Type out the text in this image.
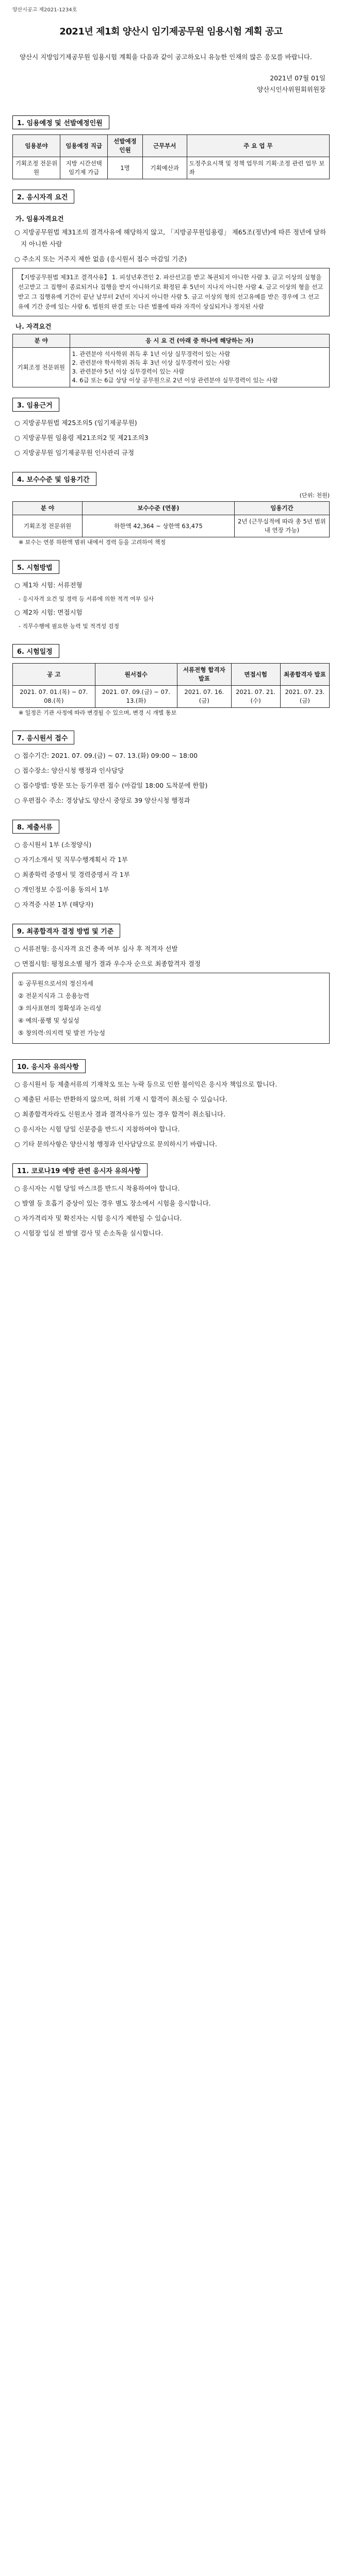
양산시공고 제2021-1234호
2021년 제1회 양산시 임기제공무원 임용시험 계획 공고

양산시 지방임기제공무원 임용시험 계획을 다음과 같이 공고하오니 유능한 인재의 많은 응모를 바랍니다.

2021년 07월 01일
양산시인사위원회위원장
1. 임용예정 및 선발예정인원
임용분야	임용예정 직급	선발예정 인원	근무부서	주 요 업 무
기획조정 전문위원	지방 시간선택 임기제 가급	1명	기획예산과	도정주요시책 및 정책 업무의 기획·조정 관련 업무 보좌
2. 응시자격 요건
가. 임용자격요건

○ 지방공무원법 제31조의 결격사유에 해당하지 않고, 「지방공무원임용령」 제65조(정년)에 따른 정년에 달하지 아니한 사람

○ 주소지 또는 거주지 제한 없음 (응시원서 접수 마감일 기준)

【지방공무원법 제31조 결격사유】 1. 피성년후견인 2. 파산선고를 받고 복권되지 아니한 사람 3. 금고 이상의 실형을 선고받고 그 집행이 종료되거나 집행을 받지 아니하기로 확정된 후 5년이 지나지 아니한 사람 4. 금고 이상의 형을 선고받고 그 집행유예 기간이 끝난 날부터 2년이 지나지 아니한 사람 5. 금고 이상의 형의 선고유예를 받은 경우에 그 선고유예 기간 중에 있는 사람 6. 법원의 판결 또는 다른 법률에 따라 자격이 상실되거나 정지된 사람
나. 자격요건
분 야	응 시 요 건 (아래 중 하나에 해당하는 자)
기획조정 전문위원	1. 관련분야 석사학위 취득 후 1년 이상 실무경력이 있는 사람
2. 관련분야 학사학위 취득 후 3년 이상 실무경력이 있는 사람
3. 관련분야 5년 이상 실무경력이 있는 사람
4. 6급 또는 6급 상당 이상 공무원으로 2년 이상 관련분야 실무경력이 있는 사람
3. 임용근거

○ 지방공무원법 제25조의5 (임기제공무원)

○ 지방공무원 임용령 제21조의2 및 제21조의3

○ 지방공무원 임기제공무원 인사관리 규정

4. 보수수준 및 임용기간
(단위: 천원)
분 야	보수수준 (연봉)	임용기간
기획조정 전문위원	하한액 42,364 ~ 상한액 63,475	2년 (근무실적에 따라 총 5년 범위 내 연장 가능)

※ 보수는 연봉 하한액 범위 내에서 경력 등을 고려하여 책정

5. 시험방법

○ 제1차 시험: 서류전형

- 응시자격 요건 및 경력 등 서류에 의한 적격 여부 심사

○ 제2차 시험: 면접시험

- 직무수행에 필요한 능력 및 적격성 검정

6. 시험일정
공 고	원서접수	서류전형 합격자 발표	면접시험	최종합격자 발표
2021. 07. 01.(목) ~ 07. 08.(목)	2021. 07. 09.(금) ~ 07. 13.(화)	2021. 07. 16.(금)	2021. 07. 21.(수)	2021. 07. 23.(금)

※ 일정은 기관 사정에 따라 변경될 수 있으며, 변경 시 개별 통보

7. 응시원서 접수

○ 접수기간: 2021. 07. 09.(금) ~ 07. 13.(화) 09:00 ~ 18:00

○ 접수장소: 양산시청 행정과 인사담당

○ 접수방법: 방문 또는 등기우편 접수 (마감일 18:00 도착분에 한함)

○ 우편접수 주소: 경상남도 양산시 중앙로 39 양산시청 행정과

8. 제출서류

○ 응시원서 1부 (소정양식)

○ 자기소개서 및 직무수행계획서 각 1부

○ 최종학력 증명서 및 경력증명서 각 1부

○ 개인정보 수집·이용 동의서 1부

○ 자격증 사본 1부 (해당자)

9. 최종합격자 결정 방법 및 기준

○ 서류전형: 응시자격 요건 충족 여부 심사 후 적격자 선발

○ 면접시험: 평정요소별 평가 결과 우수자 순으로 최종합격자 결정

① 공무원으로서의 정신자세
② 전문지식과 그 응용능력
③ 의사표현의 정확성과 논리성
④ 예의·품행 및 성실성
⑤ 창의력·의지력 및 발전 가능성
10. 응시자 유의사항

○ 응시원서 등 제출서류의 기재착오 또는 누락 등으로 인한 불이익은 응시자 책임으로 합니다.

○ 제출된 서류는 반환하지 않으며, 허위 기재 시 합격이 취소될 수 있습니다.

○ 최종합격자라도 신원조사 결과 결격사유가 있는 경우 합격이 취소됩니다.

○ 응시자는 시험 당일 신분증을 반드시 지참하여야 합니다.

○ 기타 문의사항은 양산시청 행정과 인사담당으로 문의하시기 바랍니다.

11. 코로나19 예방 관련 응시자 유의사항

○ 응시자는 시험 당일 마스크를 반드시 착용하여야 합니다.

○ 발열 등 호흡기 증상이 있는 경우 별도 장소에서 시험을 응시합니다.

○ 자가격리자 및 확진자는 시험 응시가 제한될 수 있습니다.

○ 시험장 입실 전 발열 검사 및 손소독을 실시합니다.
